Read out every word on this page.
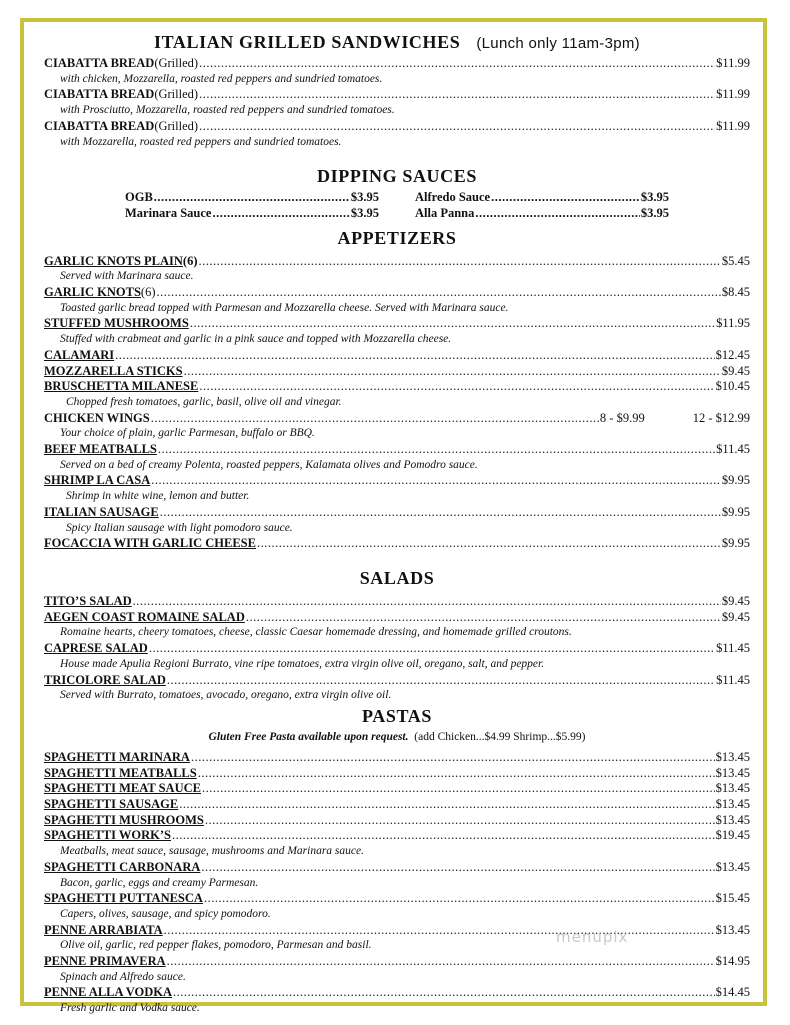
ITALIAN GRILLED SANDWICHES (Lunch only 11am-3pm)
CIABATTA BREAD (Grilled) .....	$11.99
with chicken, Mozzarella, roasted red peppers and sundried tomatoes.
CIABATTA BREAD (Grilled) .....	$11.99
with Prosciutto, Mozzarella, roasted red peppers and sundried tomatoes.
CIABATTA BREAD (Grilled) .....	$11.99
with Mozzarella, roasted red peppers and sundried tomatoes.
DIPPING SAUCES
OGB .....	$3.95	Alfredo Sauce .....	$3.95
Marinara Sauce .....	$3.95	Alla Panna .....	$3.95
APPETIZERS
GARLIC KNOTS PLAIN (6) .....	$5.45
Served with Marinara sauce.
GARLIC KNOTS (6) .....	$8.45
Toasted garlic bread topped with Parmesan and Mozzarella cheese. Served with Marinara sauce.
STUFFED MUSHROOMS .....	$11.95
Stuffed with crabmeat and garlic in a pink sauce and topped with Mozzarella cheese.
CALAMARI .....	$12.45
MOZZARELLA STICKS .....	$9.45
BRUSCHETTA MILANESE .....	$10.45
Chopped fresh tomatoes, garlic, basil, olive oil and vinegar.
CHICKEN WINGS .....	8 - $9.99	12 - $12.99
Your choice of plain, garlic Parmesan, buffalo or BBQ.
BEEF MEATBALLS .....	$11.45
Served on a bed of creamy Polenta, roasted peppers, Kalamata olives and Pomodro sauce.
SHRIMP LA CASA .....	$9.95
Shrimp in white wine, lemon and butter.
ITALIAN SAUSAGE .....	$9.95
Spicy Italian sausage with light pomodoro sauce.
FOCACCIA WITH GARLIC CHEESE .....	$9.95
SALADS
TITO’S SALAD .....	$9.45
AEGEN COAST ROMAINE SALAD .....	$9.45
Romaine hearts, cheery tomatoes, cheese, classic Caesar homemade dressing, and homemade grilled croutons.
CAPRESE SALAD .....	$11.45
House made Apulia Regioni Burrato, vine ripe tomatoes, extra virgin olive oil, oregano, salt, and pepper.
TRICOLORE SALAD .....	$11.45
Served with Burrato, tomatoes, avocado, oregano, extra virgin olive oil.
PASTAS
Gluten Free Pasta available upon request. (add Chicken...$4.99 Shrimp...$5.99)
SPAGHETTI MARINARA .....	$13.45
SPAGHETTI MEATBALLS .....	$13.45
SPAGHETTI MEAT SAUCE .....	$13.45
SPAGHETTI SAUSAGE .....	$13.45
SPAGHETTI MUSHROOMS .....	$13.45
SPAGHETTI WORK’S .....	$19.45
Meatballs, meat sauce, sausage, mushrooms and Marinara sauce.
SPAGHETTI CARBONARA .....	$13.45
Bacon, garlic, eggs and creamy Parmesan.
SPAGHETTI PUTTANESCA .....	$15.45
Capers, olives, sausage, and spicy pomodoro.
PENNE ARRABIATA .....	$13.45
Olive oil, garlic, red pepper flakes, pomodoro, Parmesan and basil.
PENNE PRIMAVERA .....	$14.95
Spinach and Alfredo sauce.
PENNE ALLA VODKA .....	$14.45
Fresh garlic and Vodka sauce.
menupix
